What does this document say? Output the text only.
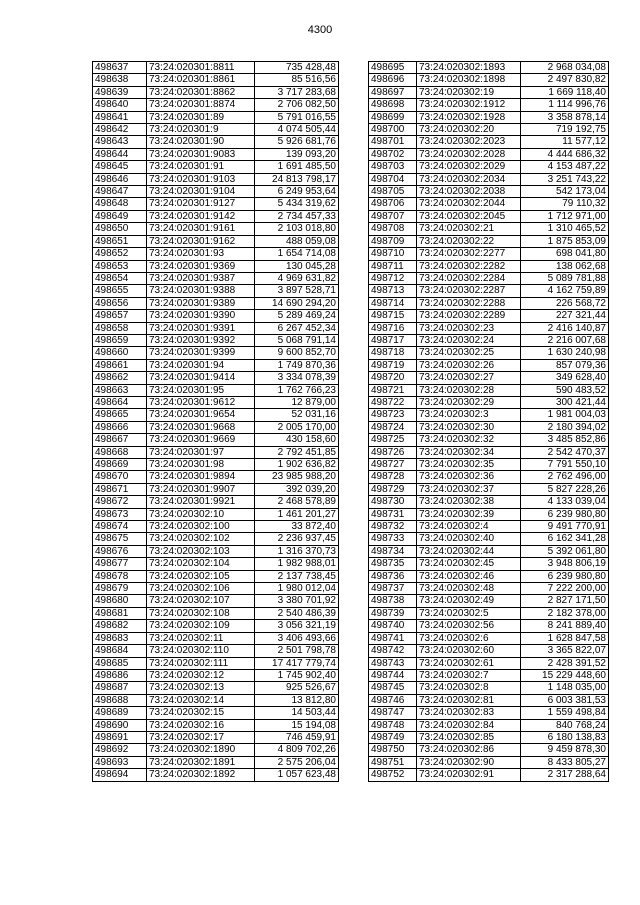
4300
498637	73:24:020301:8811	735 428,48
498638	73:24:020301:8861	85 516,56
498639	73:24:020301:8862	3 717 283,68
498640	73:24:020301:8874	2 706 082,50
498641	73:24:020301:89	5 791 016,55
498642	73:24:020301:9	4 074 505,44
498643	73:24:020301:90	5 926 681,76
498644	73:24:020301:9083	139 093,20
498645	73:24:020301:91	1 691 485,50
498646	73:24:020301:9103	24 813 798,17
498647	73:24:020301:9104	6 249 953,64
498648	73:24:020301:9127	5 434 319,62
498649	73:24:020301:9142	2 734 457,33
498650	73:24:020301:9161	2 103 018,80
498651	73:24:020301:9162	488 059,08
498652	73:24:020301:93	1 654 714,08
498653	73:24:020301:9369	130 045,28
498654	73:24:020301:9387	4 969 631,82
498655	73:24:020301:9388	3 897 528,71
498656	73:24:020301:9389	14 690 294,20
498657	73:24:020301:9390	5 289 469,24
498658	73:24:020301:9391	6 267 452,34
498659	73:24:020301:9392	5 068 791,14
498660	73:24:020301:9399	9 600 852,70
498661	73:24:020301:94	1 749 870,36
498662	73:24:020301:9414	3 334 078,39
498663	73:24:020301:95	1 762 766,23
498664	73:24:020301:9612	12 879,00
498665	73:24:020301:9654	52 031,16
498666	73:24:020301:9668	2 005 170,00
498667	73:24:020301:9669	430 158,60
498668	73:24:020301:97	2 792 451,85
498669	73:24:020301:98	1 902 636,82
498670	73:24:020301:9894	23 985 988,20
498671	73:24:020301:9907	392 039,20
498672	73:24:020301:9921	2 468 578,89
498673	73:24:020302:10	1 461 201,27
498674	73:24:020302:100	33 872,40
498675	73:24:020302:102	2 236 937,45
498676	73:24:020302:103	1 316 370,73
498677	73:24:020302:104	1 982 988,01
498678	73:24:020302:105	2 137 738,45
498679	73:24:020302:106	1 980 012,04
498680	73:24:020302:107	3 380 701,92
498681	73:24:020302:108	2 540 486,39
498682	73:24:020302:109	3 056 321,19
498683	73:24:020302:11	3 406 493,66
498684	73:24:020302:110	2 501 798,78
498685	73:24:020302:111	17 417 779,74
498686	73:24:020302:12	1 745 902,40
498687	73:24:020302:13	925 526,67
498688	73:24:020302:14	13 812,80
498689	73:24:020302:15	14 503,44
498690	73:24:020302:16	15 194,08
498691	73:24:020302:17	746 459,91
498692	73:24:020302:1890	4 809 702,26
498693	73:24:020302:1891	2 575 206,04
498694	73:24:020302:1892	1 057 623,48
498695	73:24:020302:1893	2 968 034,08
498696	73:24:020302:1898	2 497 830,82
498697	73:24:020302:19	1 669 118,40
498698	73:24:020302:1912	1 114 996,76
498699	73:24:020302:1928	3 358 878,14
498700	73:24:020302:20	719 192,75
498701	73:24:020302:2023	11 577,12
498702	73:24:020302:2028	4 444 686,32
498703	73:24:020302:2029	4 153 487,22
498704	73:24:020302:2034	3 251 743,22
498705	73:24:020302:2038	542 173,04
498706	73:24:020302:2044	79 110,32
498707	73:24:020302:2045	1 712 971,00
498708	73:24:020302:21	1 310 465,52
498709	73:24:020302:22	1 875 853,09
498710	73:24:020302:2277	698 041,80
498711	73:24:020302:2282	138 062,68
498712	73:24:020302:2284	5 089 781,88
498713	73:24:020302:2287	4 162 759,89
498714	73:24:020302:2288	226 568,72
498715	73:24:020302:2289	227 321,44
498716	73:24:020302:23	2 416 140,87
498717	73:24:020302:24	2 216 007,68
498718	73:24:020302:25	1 630 240,98
498719	73:24:020302:26	857 079,36
498720	73:24:020302:27	349 628,40
498721	73:24:020302:28	590 483,52
498722	73:24:020302:29	300 421,44
498723	73:24:020302:3	1 981 004,03
498724	73:24:020302:30	2 180 394,02
498725	73:24:020302:32	3 485 852,86
498726	73:24:020302:34	2 542 470,37
498727	73:24:020302:35	7 791 550,10
498728	73:24:020302:36	2 762 496,00
498729	73:24:020302:37	5 827 228,26
498730	73:24:020302:38	4 133 039,04
498731	73:24:020302:39	6 239 980,80
498732	73:24:020302:4	9 491 770,91
498733	73:24:020302:40	6 162 341,28
498734	73:24:020302:44	5 392 061,80
498735	73:24:020302:45	3 948 806,19
498736	73:24:020302:46	6 239 980,80
498737	73:24:020302:48	7 222 200,00
498738	73:24:020302:49	2 827 171,50
498739	73:24:020302:5	2 182 378,00
498740	73:24:020302:56	8 241 889,40
498741	73:24:020302:6	1 628 847,58
498742	73:24:020302:60	3 365 822,07
498743	73:24:020302:61	2 428 391,52
498744	73:24:020302:7	15 229 448,60
498745	73:24:020302:8	1 148 035,00
498746	73:24:020302:81	6 003 381,53
498747	73:24:020302:83	1 559 498,84
498748	73:24:020302:84	840 768,24
498749	73:24:020302:85	6 180 138,83
498750	73:24:020302:86	9 459 878,30
498751	73:24:020302:90	8 433 805,27
498752	73:24:020302:91	2 317 288,64
